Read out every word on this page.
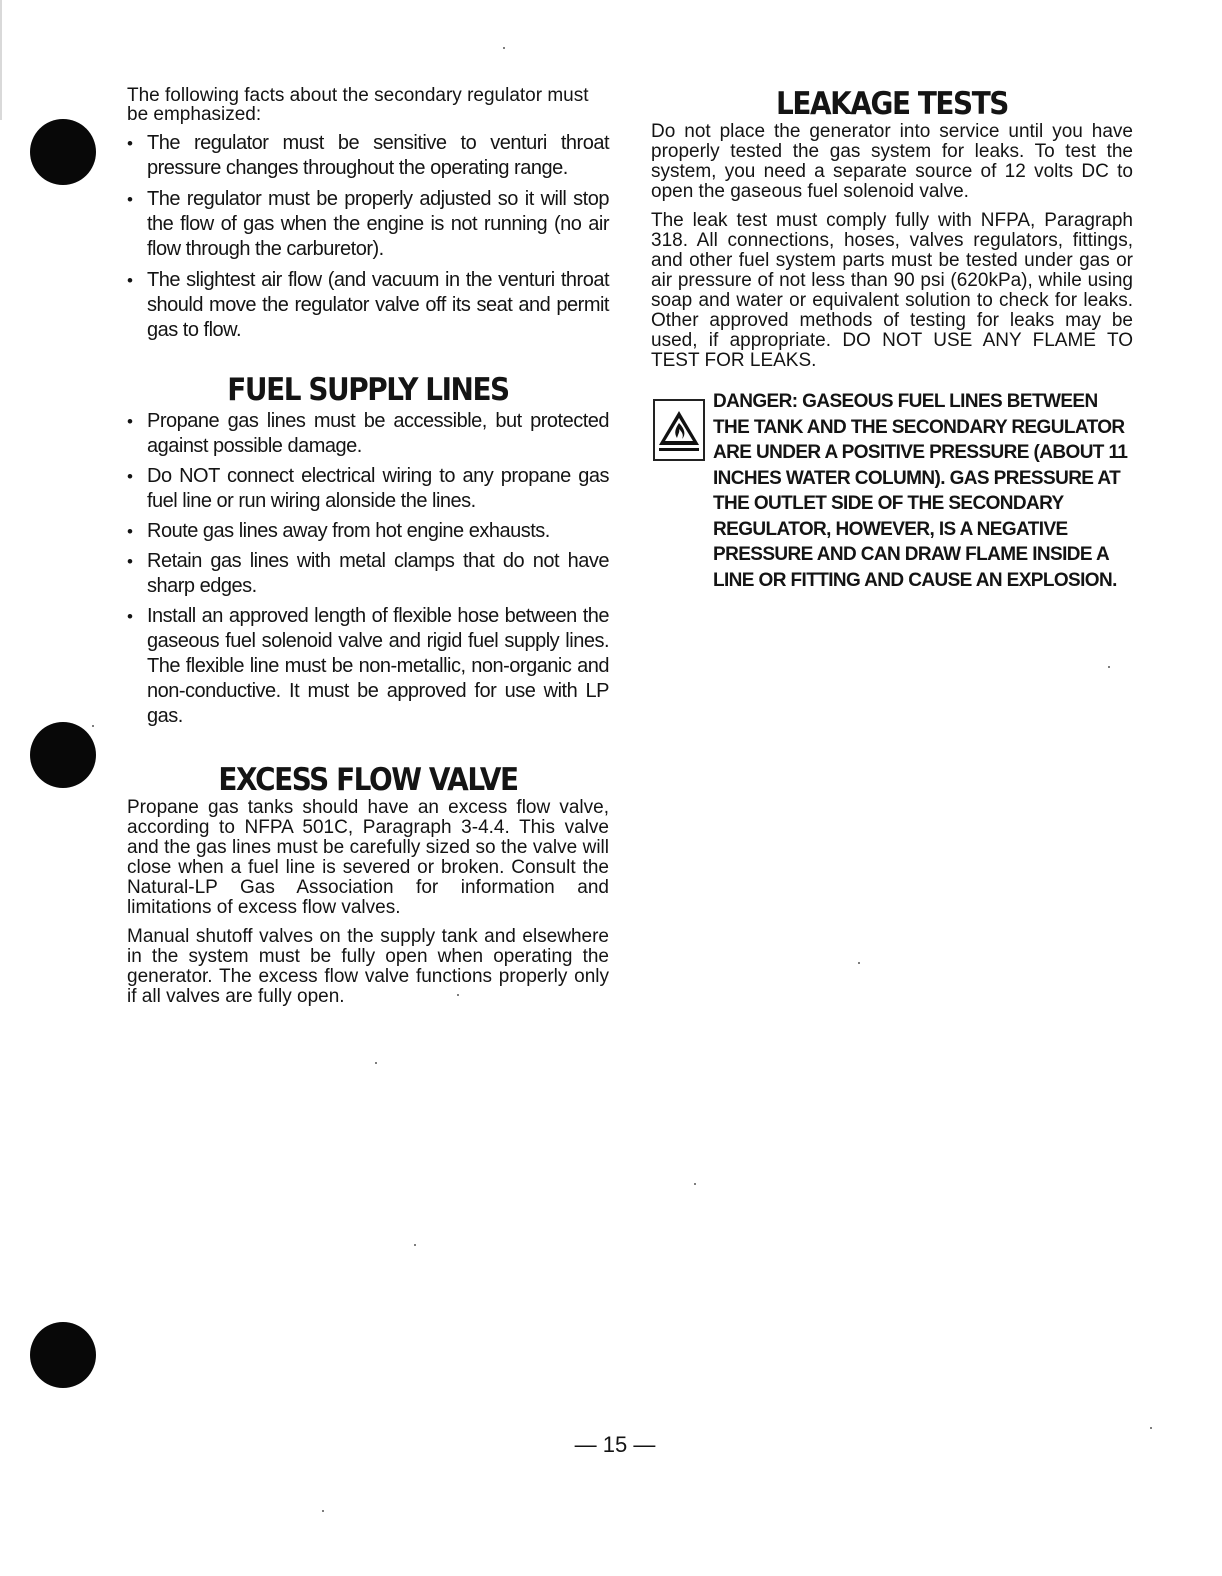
The following facts about the secondary regulator must be emphasized:

• The regulator must be sensitive to venturi throat pressure changes throughout the operating range.
• The regulator must be properly adjusted so it will stop the flow of gas when the engine is not running (no air flow through the carburetor).
• The slightest air flow (and vacuum in the venturi throat should move the regulator valve off its seat and permit gas to flow.
FUEL SUPPLY LINES
• Propane gas lines must be accessible, but protected against possible damage.
• Do NOT connect electrical wiring to any propane gas fuel line or run wiring alonside the lines.
• Route gas lines away from hot engine exhausts.
• Retain gas lines with metal clamps that do not have sharp edges.
• Install an approved length of flexible hose between the gaseous fuel solenoid valve and rigid fuel supply lines. The flexible line must be non-metallic, non-organic and non-conductive. It must be approved for use with LP gas.
EXCESS FLOW VALVE

Propane gas tanks should have an excess flow valve, according to NFPA 501C, Paragraph 3-4.4. This valve and the gas lines must be carefully sized so the valve will close when a fuel line is severed or broken. Consult the Natural-LP Gas Association for information and limitations of excess flow valves.

Manual shutoff valves on the supply tank and elsewhere in the system must be fully open when operating the generator. The excess flow valve functions properly only if all valves are fully open.

LEAKAGE TESTS

Do not place the generator into service until you have properly tested the gas system for leaks. To test the system, you need a separate source of 12 volts DC to open the gaseous fuel solenoid valve.

The leak test must comply fully with NFPA, Paragraph 318. All connections, hoses, valves regulators, fittings, and other fuel system parts must be tested under gas or air pressure of not less than 90 psi (620kPa), while using soap and water or equivalent solution to check for leaks. Other approved methods of testing for leaks may be used, if appropriate. DO NOT USE ANY FLAME TO TEST FOR LEAKS.

DANGER: GASEOUS FUEL LINES BETWEEN THE TANK AND THE SECONDARY REGULATOR ARE UNDER A POSITIVE PRESSURE (ABOUT 11 INCHES WATER COLUMN). GAS PRESSURE AT THE OUTLET SIDE OF THE SECONDARY REGULATOR, HOWEVER, IS A NEGATIVE PRESSURE AND CAN DRAW FLAME INSIDE A LINE OR FITTING AND CAUSE AN EXPLOSION.
— 15 —
